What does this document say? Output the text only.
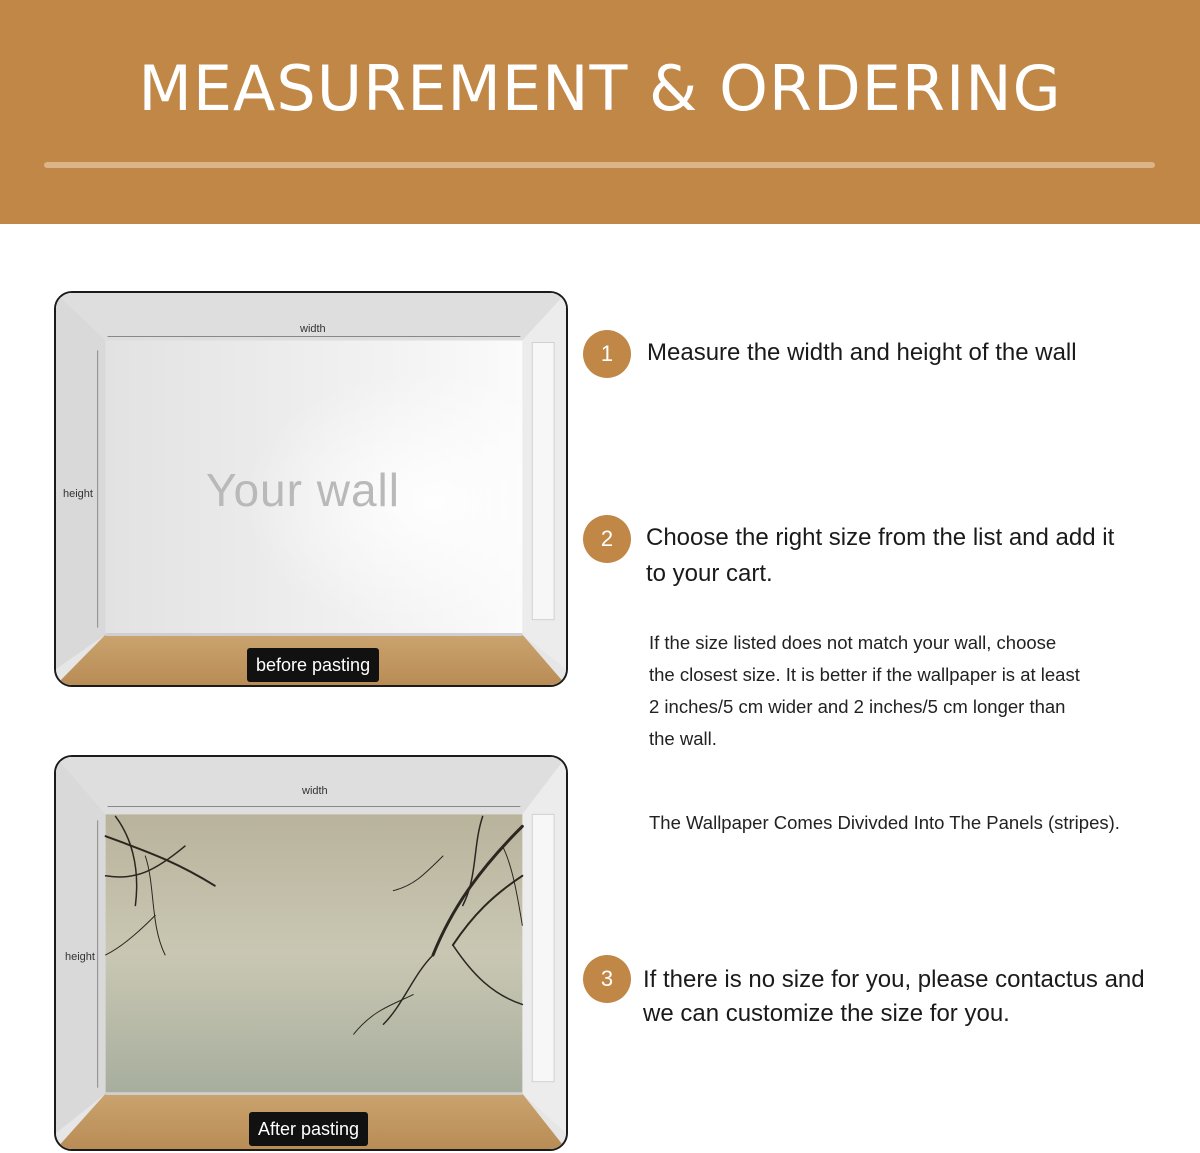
MEASUREMENT & ORDERING
width
height Your wall
before pasting
width
height
After pasting
1	Measure the width and height of the wall
2	Choose the right size from the list and add it
to your cart.
If the size listed does not match your wall, choose
the closest size. It is better if the wallpaper is at least
2 inches/5 cm wider and 2 inches/5 cm longer than
the wall.
The Wallpaper Comes Divivded Into The Panels (stripes).
3	If there is no size for you, please contactus and
we can customize the size for you.
